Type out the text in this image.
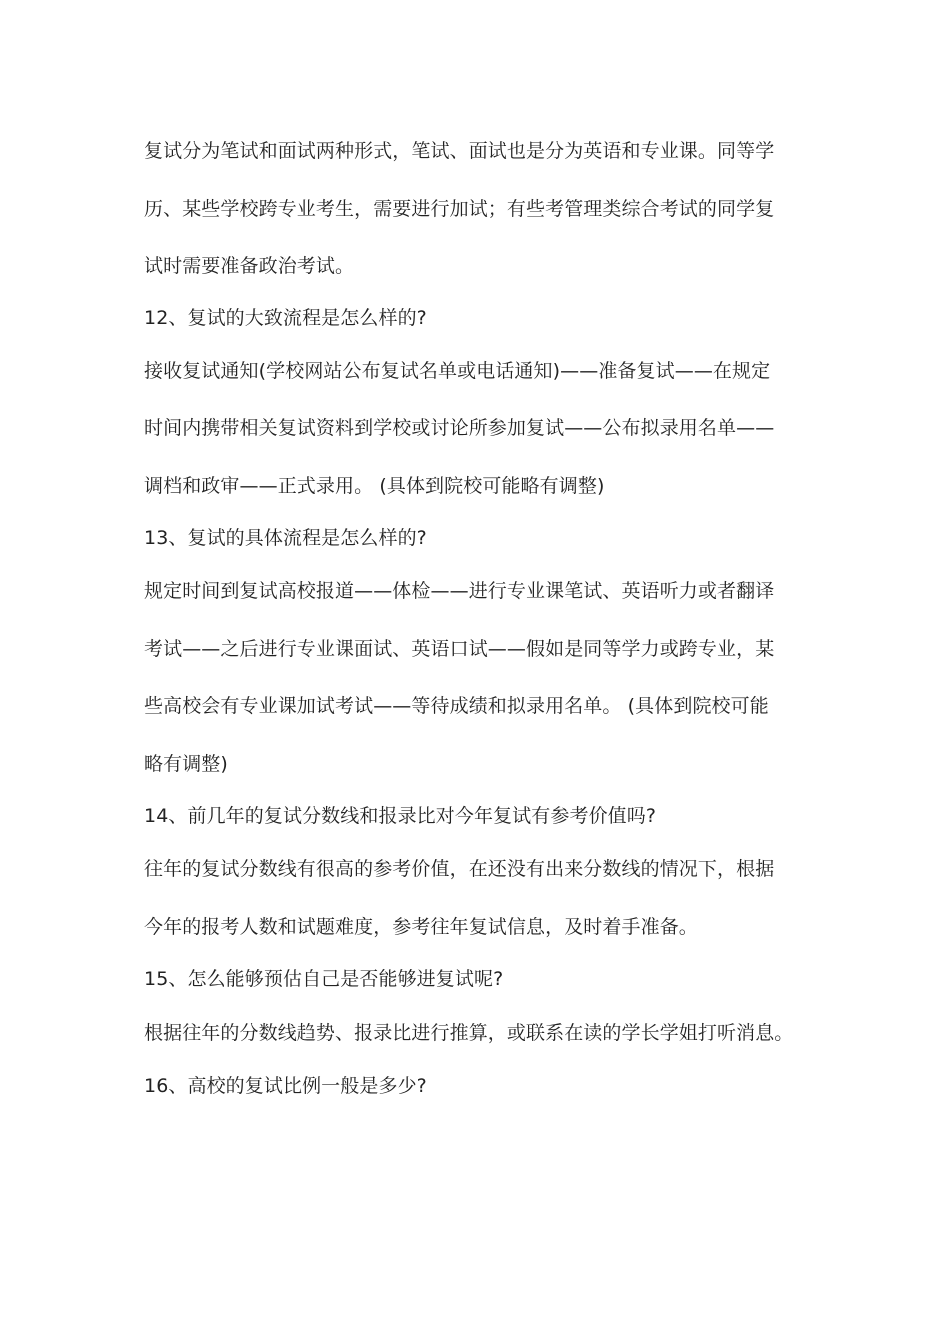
复试分为笔试和面试两种形式，笔试、面试也是分为英语和专业课。同等学
历、某些学校跨专业考生，需要进行加试；有些考管理类综合考试的同学复
试时需要准备政治考试。
12、复试的大致流程是怎么样的?
接收复试通知(学校网站公布复试名单或电话通知)——准备复试——在规定
时间内携带相关复试资料到学校或讨论所参加复试——公布拟录用名单——
调档和政审——正式录用。 (具体到院校可能略有调整)
13、复试的具体流程是怎么样的?
规定时间到复试高校报道——体检——进行专业课笔试、英语听力或者翻译
考试——之后进行专业课面试、英语口试——假如是同等学力或跨专业，某
些高校会有专业课加试考试——等待成绩和拟录用名单。 (具体到院校可能
略有调整)
14、前几年的复试分数线和报录比对今年复试有参考价值吗?
往年的复试分数线有很高的参考价值，在还没有出来分数线的情况下，根据
今年的报考人数和试题难度，参考往年复试信息，及时着手准备。
15、怎么能够预估自己是否能够进复试呢?
根据往年的分数线趋势、报录比进行推算，或联系在读的学长学姐打听消息。
16、高校的复试比例一般是多少?
